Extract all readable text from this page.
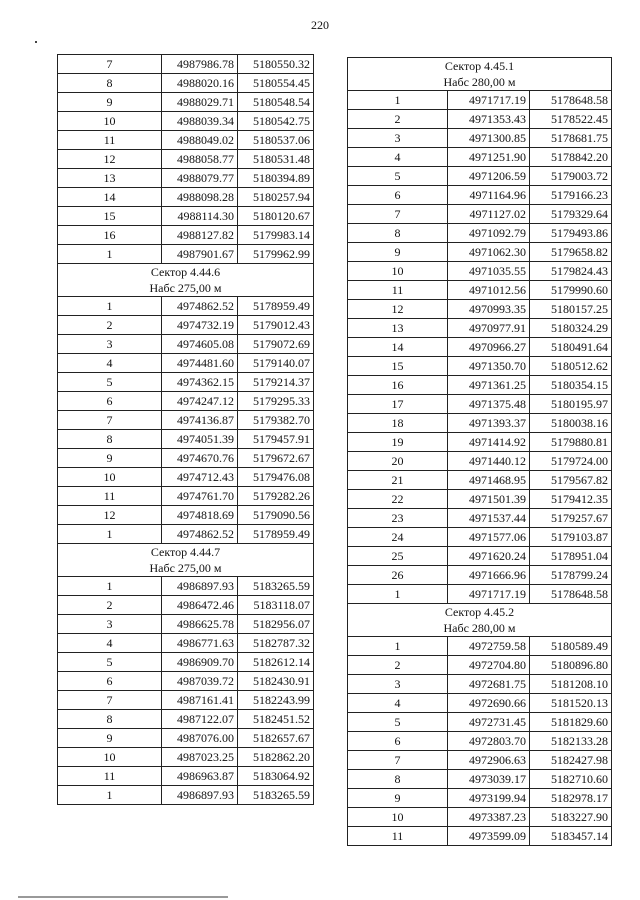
220
7	4987986.78	5180550.32
8	4988020.16	5180554.45
9	4988029.71	5180548.54
10	4988039.34	5180542.75
11	4988049.02	5180537.06
12	4988058.77	5180531.48
13	4988079.77	5180394.89
14	4988098.28	5180257.94
15	4988114.30	5180120.67
16	4988127.82	5179983.14
1	4987901.67	5179962.99

Сектор 4.44.6
Набс 275,00 м		

1	4974862.52	5178959.49
2	4974732.19	5179012.43
3	4974605.08	5179072.69
4	4974481.60	5179140.07
5	4974362.15	5179214.37
6	4974247.12	5179295.33
7	4974136.87	5179382.70
8	4974051.39	5179457.91
9	4974670.76	5179672.67
10	4974712.43	5179476.08
11	4974761.70	5179282.26
12	4974818.69	5179090.56
1	4974862.52	5178959.49

Сектор 4.44.7
Набс 275,00 м		

1	4986897.93	5183265.59
2	4986472.46	5183118.07
3	4986625.78	5182956.07
4	4986771.63	5182787.32
5	4986909.70	5182612.14
6	4987039.72	5182430.91
7	4987161.41	5182243.99
8	4987122.07	5182451.52
9	4987076.00	5182657.67
10	4987023.25	5182862.20
11	4986963.87	5183064.92
1	4986897.93	5183265.59
Сектор 4.45.1
Набс 280,00 м		

1	4971717.19	5178648.58
2	4971353.43	5178522.45
3	4971300.85	5178681.75
4	4971251.90	5178842.20
5	4971206.59	5179003.72
6	4971164.96	5179166.23
7	4971127.02	5179329.64
8	4971092.79	5179493.86
9	4971062.30	5179658.82
10	4971035.55	5179824.43
11	4971012.56	5179990.60
12	4970993.35	5180157.25
13	4970977.91	5180324.29
14	4970966.27	5180491.64
15	4971350.70	5180512.62
16	4971361.25	5180354.15
17	4971375.48	5180195.97
18	4971393.37	5180038.16
19	4971414.92	5179880.81
20	4971440.12	5179724.00
21	4971468.95	5179567.82
22	4971501.39	5179412.35
23	4971537.44	5179257.67
24	4971577.06	5179103.87
25	4971620.24	5178951.04
26	4971666.96	5178799.24
1	4971717.19	5178648.58

Сектор 4.45.2
Набс 280,00 м		

1	4972759.58	5180589.49
2	4972704.80	5180896.80
3	4972681.75	5181208.10
4	4972690.66	5181520.13
5	4972731.45	5181829.60
6	4972803.70	5182133.28
7	4972906.63	5182427.98
8	4973039.17	5182710.60
9	4973199.94	5182978.17
10	4973387.23	5183227.90
11	4973599.09	5183457.14
